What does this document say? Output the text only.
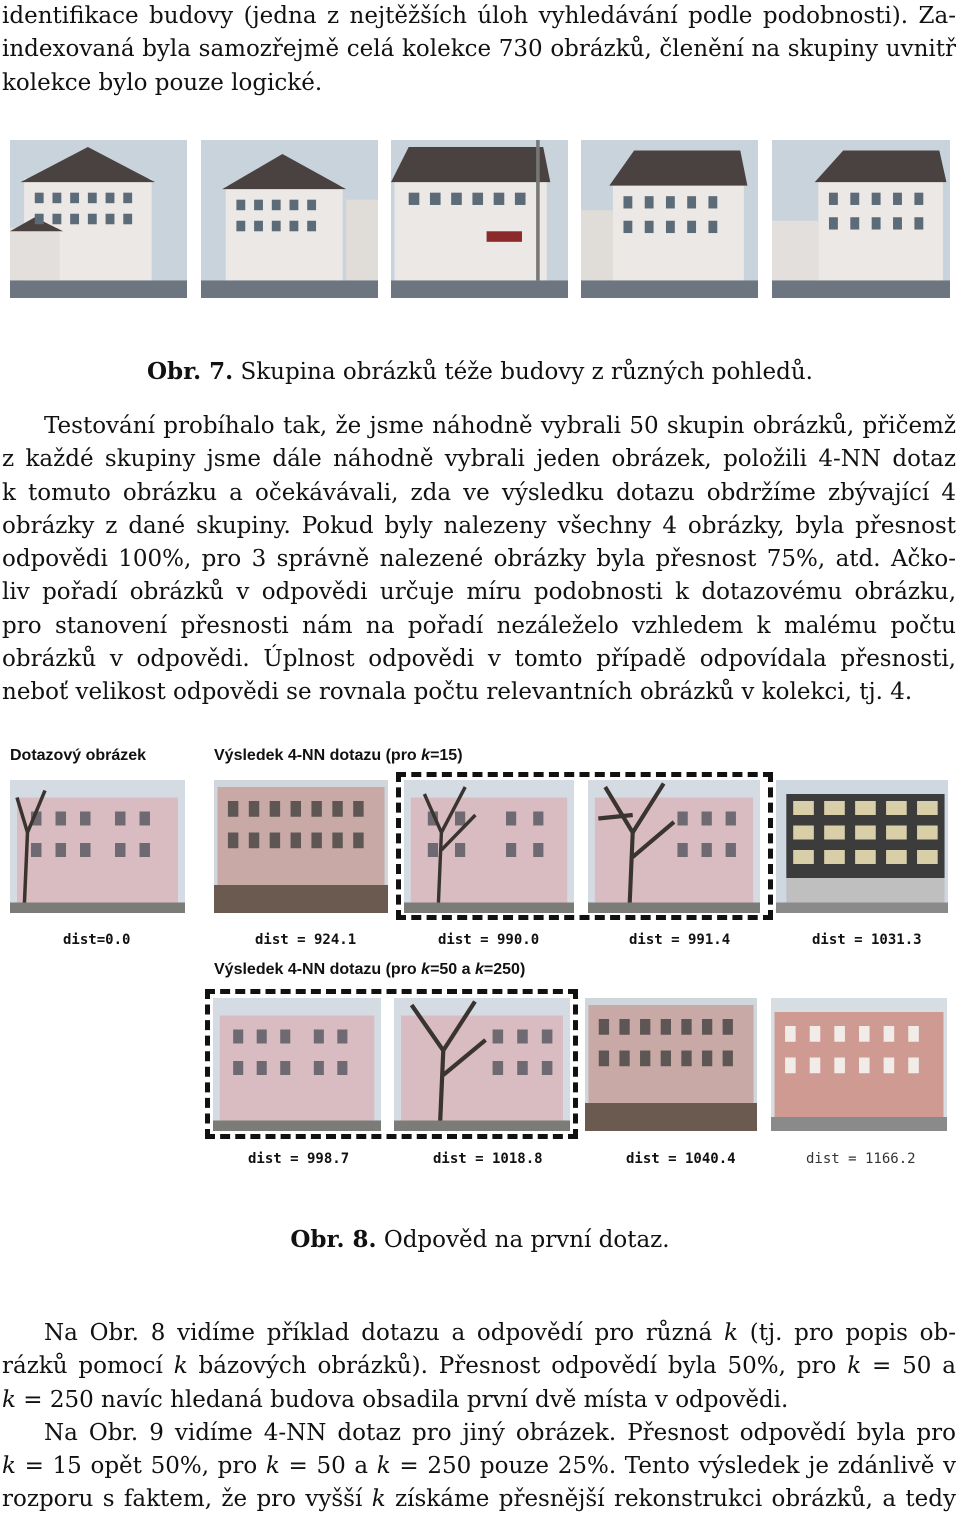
identifikace budovy (jedna z nejtěžších úloh vyhledávání podle podobnosti). Za-
indexovaná byla samozřejmě celá kolekce 730 obrázků, členění na skupiny uvnitř
kolekce bylo pouze logické.
Obr. 7. Skupina obrázků téže budovy z různých pohledů.
Testování probíhalo tak, že jsme náhodně vybrali 50 skupin obrázků, přičemž
z každé skupiny jsme dále náhodně vybrali jeden obrázek, položili 4-NN dotaz
k tomuto obrázku a očekávávali, zda ve výsledku dotazu obdržíme zbývající 4
obrázky z dané skupiny. Pokud byly nalezeny všechny 4 obrázky, byla přesnost
odpovědi 100%, pro 3 správně nalezené obrázky byla přesnost 75%, atd. Ačko-
liv pořadí obrázků v odpovědi určuje míru podobnosti k dotazovému obrázku,
pro stanovení přesnosti nám na pořadí nezáleželo vzhledem k malému počtu
obrázků v odpovědi. Úplnost odpovědi v tomto případě odpovídala přesnosti,
neboť velikost odpovědi se rovnala počtu relevantních obrázků v kolekci, tj. 4.
Dotazový obrázek	Výsledek 4-NN dotazu (pro k=15)
dist=0.0	dist = 924.1	dist = 990.0	dist = 991.4	dist = 1031.3
Výsledek 4-NN dotazu (pro k=50 a k=250)
dist = 998.7	dist = 1018.8	dist = 1040.4	dist = 1166.2
Obr. 8. Odpověd na první dotaz.
Na Obr. 8 vidíme příklad dotazu a odpovědí pro různá k (tj. pro popis ob-
rázků pomocí k bázových obrázků). Přesnost odpovědí byla 50%, pro k = 50 a
k = 250 navíc hledaná budova obsadila první dvě místa v odpovědi.
Na Obr. 9 vidíme 4-NN dotaz pro jiný obrázek. Přesnost odpovědí byla pro
k = 15 opět 50%, pro k = 50 a k = 250 pouze 25%. Tento výsledek je zdánlivě v
rozporu s faktem, že pro vyšší k získáme přesnější rekonstrukci obrázků, a tedy
